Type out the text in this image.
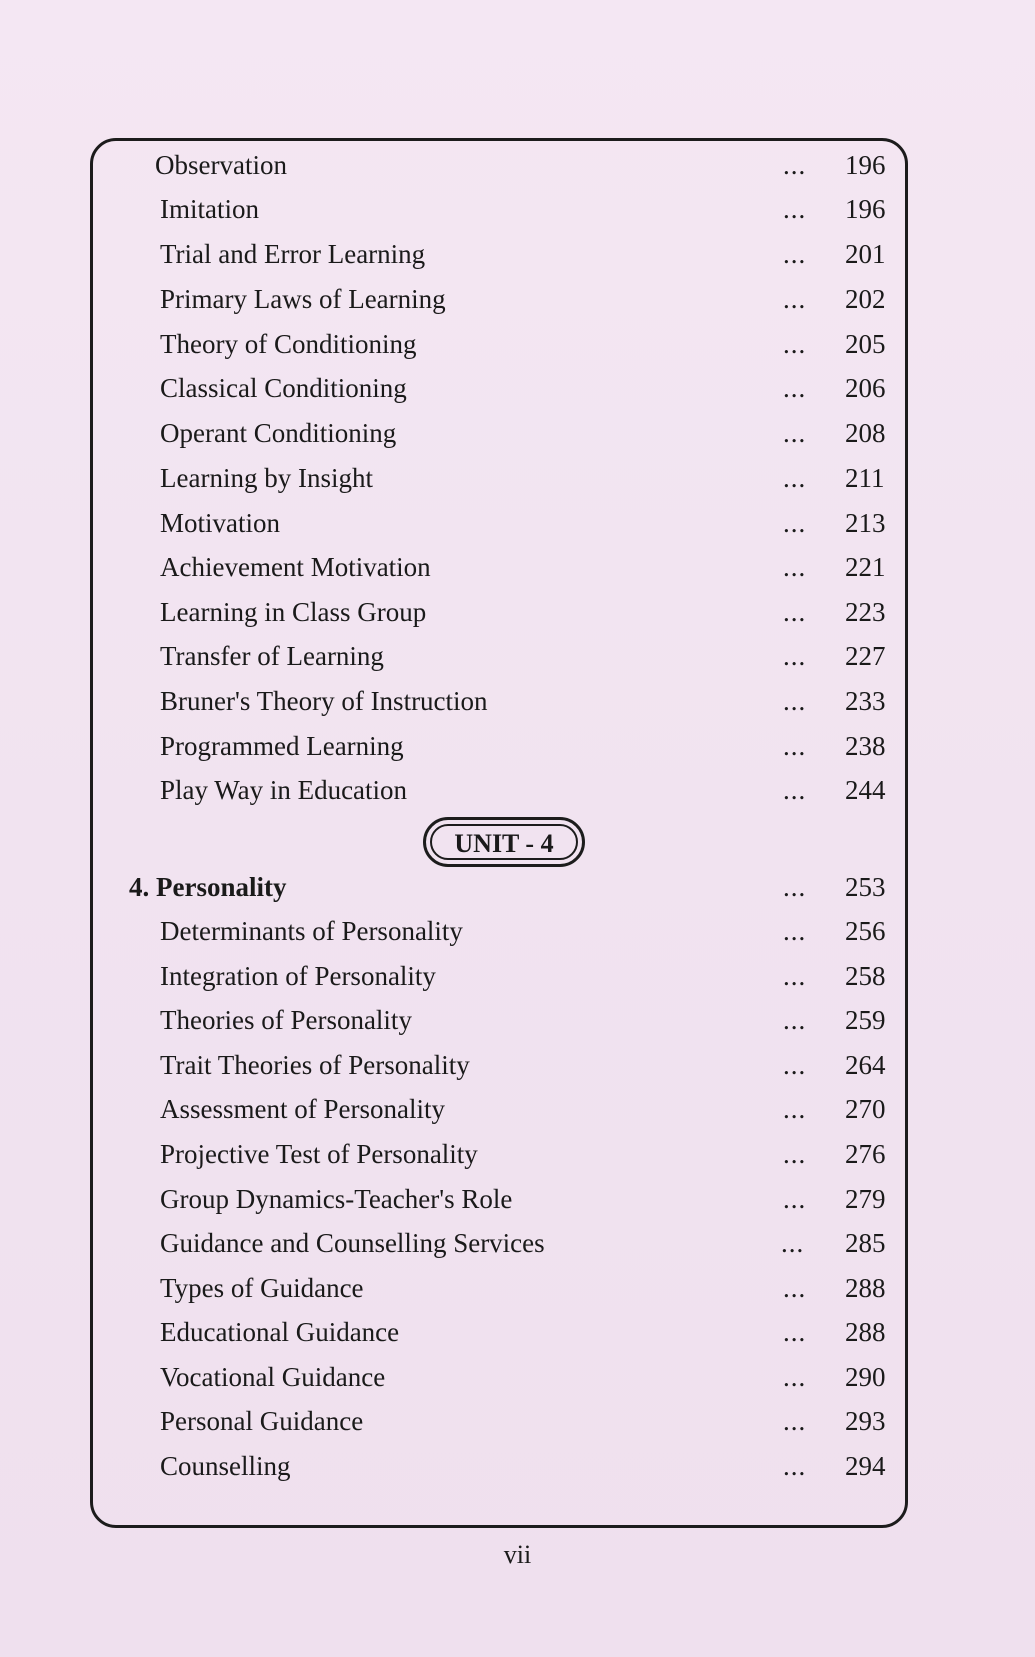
Observation	... 196
Imitation	... 196
Trial and Error Learning	... 201
Primary Laws of Learning	... 202
Theory of Conditioning	... 205
Classical Conditioning	... 206
Operant Conditioning	... 208
Learning by Insight	... 211
Motivation	... 213
Achievement Motivation	... 221
Learning in Class Group	... 223
Transfer of Learning	... 227
Bruner's Theory of Instruction	... 233
Programmed Learning	... 238
Play Way in Education	... 244
UNIT - 4
4. Personality	... 253
Determinants of Personality	... 256
Integration of Personality	... 258
Theories of Personality	... 259
Trait Theories of Personality	... 264
Assessment of Personality	... 270
Projective Test of Personality	... 276
Group Dynamics-Teacher's Role	... 279
Guidance and Counselling Services	... 285
Types of Guidance	... 288
Educational Guidance	... 288
Vocational Guidance	... 290
Personal Guidance	... 293
Counselling	... 294
vii
